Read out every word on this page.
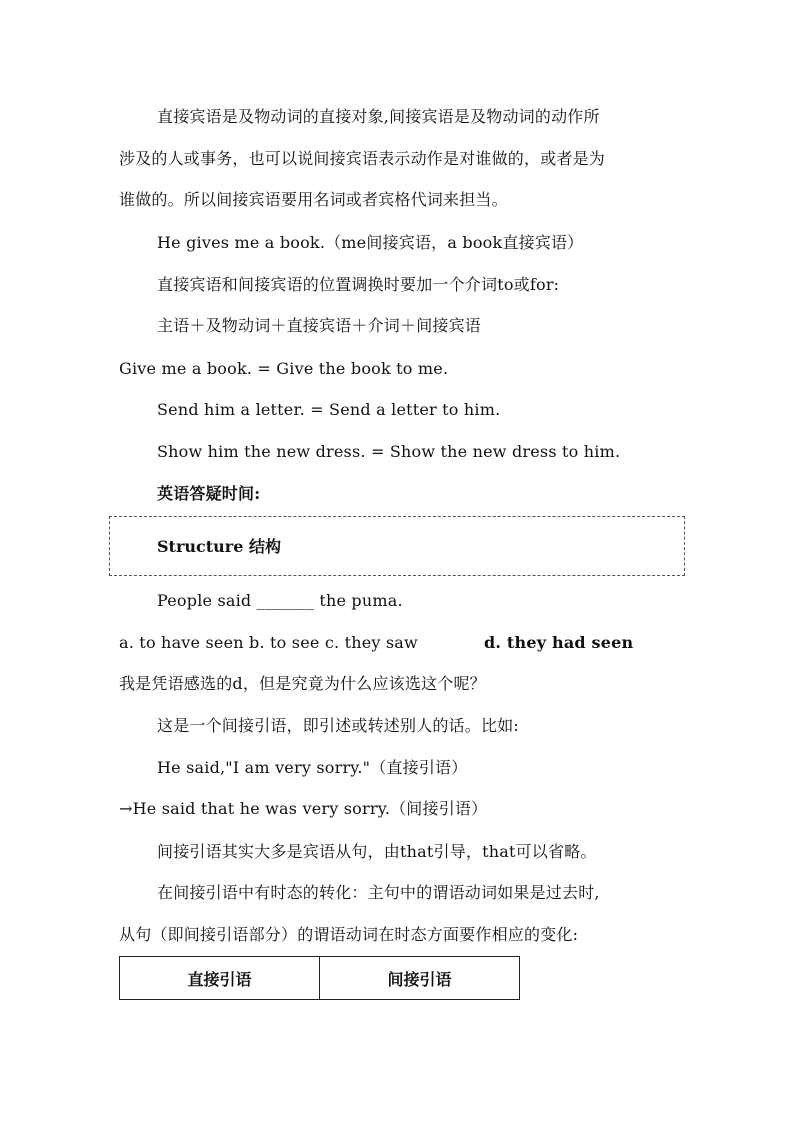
直接宾语是及物动词的直接对象,间接宾语是及物动词的动作所
涉及的人或事务，也可以说间接宾语表示动作是对谁做的，或者是为
谁做的。所以间接宾语要用名词或者宾格代词来担当。
He gives me a book.（me间接宾语，a book直接宾语）
直接宾语和间接宾语的位置调换时要加一个介词to或for:
主语＋及物动词＋直接宾语＋介词＋间接宾语
Give me a book. = Give the book to me.
Send him a letter. = Send a letter to him.
Show him the new dress. = Show the new dress to him.
英语答疑时间:
Structure 结构
People said _______ the puma.
a. to have seen b. to see c. they saw	d. they had seen
我是凭语感选的d，但是究竟为什么应该选这个呢？
这是一个间接引语，即引述或转述别人的话。比如:
He said,"I am very sorry."（直接引语）
→He said that he was very sorry.（间接引语）
间接引语其实大多是宾语从句，由that引导，that可以省略。
在间接引语中有时态的转化：主句中的谓语动词如果是过去时,
从句（即间接引语部分）的谓语动词在时态方面要作相应的变化:
直接引语	间接引语
